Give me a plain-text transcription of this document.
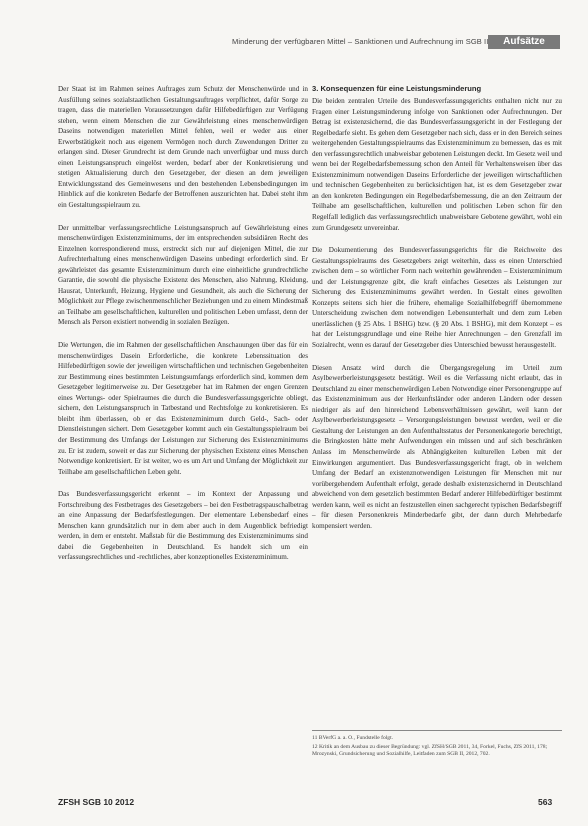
Minderung der verfügbaren Mittel – Sanktionen und Aufrechnung im SGB II	Aufsätze

Der Staat ist im Rahmen seines Auftrages zum Schutz der Menschenwürde und in Ausfüllung seines sozialstaatlichen Gestaltungsauftrages verpflichtet, dafür Sorge zu tragen, dass die materiellen Voraussetzungen dafür Hilfebedürftigen zur Verfügung stehen, wenn einem Menschen die zur Gewährleistung eines menschenwürdigen Daseins notwendigen materiellen Mittel fehlen, weil er weder aus einer Erwerbstätigkeit noch aus eigenem Vermögen noch durch Zuwendungen Dritter zu erlangen sind. Dieser Grundrecht ist dem Grunde nach unverfügbar und muss durch einen Leistungsanspruch eingelöst werden, bedarf aber der Konkretisierung und stetigen Aktualisierung durch den Gesetzgeber, der diesen an dem jeweiligen Entwicklungsstand des Gemeinwesens und den bestehenden Lebensbedingungen im Hinblick auf die konkreten Bedarfe der Betroffenen auszurichten hat. Dabei steht ihm ein Gestaltungsspielraum zu.

Der unmittelbar verfassungsrechtliche Leistungsanspruch auf Gewährleistung eines menschenwürdigen Existenzminimums, der im entsprechenden subsidiären Recht des Einzelnen korrespondierend muss, erstreckt sich nur auf diejenigen Mittel, die zur Aufrechterhaltung eines menschenwürdigen Daseins unbedingt erforderlich sind. Er gewährleistet das gesamte Existenzminimum durch eine einheitliche grundrechtliche Garantie, die sowohl die physische Existenz des Menschen, also Nahrung, Kleidung, Hausrat, Unterkunft, Heizung, Hygiene und Gesundheit, als auch die Sicherung der Möglichkeit zur Pflege zwischenmenschlicher Beziehungen und zu einem Mindestmaß an Teilhabe am gesellschaftlichen, kulturellen und politischen Leben umfasst, denn der Mensch als Person existiert notwendig in sozialen Bezügen.

Die Wertungen, die im Rahmen der gesellschaftlichen Anschauungen über das für ein menschenwürdiges Dasein Erforderliche, die konkrete Lebenssituation des Hilfebedürftigen sowie der jeweiligen wirtschaftlichen und technischen Gegebenheiten zur Bestimmung eines bestimmten Leistungsumfangs erforderlich sind, kommen dem Gesetzgeber legitimerweise zu. Der Gesetzgeber hat im Rahmen der engen Grenzen eines Wertungs- oder Spielraumes die durch die Bundesverfassungsgerichte obliegt, sichern, den Leistungsanspruch in Tatbestand und Rechtsfolge zu konkretisieren. Es bleibt ihm überlassen, ob er das Existenzminimum durch Geld-, Sach- oder Dienstleistungen sichert. Dem Gesetzgeber kommt auch ein Gestaltungsspielraum bei der Bestimmung des Umfangs der Leistungen zur Sicherung des Existenzminimums zu. Er ist zudem, soweit er das zur Sicherung der physischen Existenz eines Menschen Notwendige konkretisiert. Er ist weiter, wo es um Art und Umfang der Möglichkeit zur Teilhabe am gesellschaftlichen Leben geht.

Das Bundesverfassungsgericht erkennt – im Kontext der Anpassung und Fortschreibung des Festbetrages des Gesetzgebers – bei den Festbetragspauschalbetrag an eine Anpassung der Bedarfsfestlegungen. Der elementare Lebensbedarf eines Menschen kann grundsätzlich nur in dem aber auch in dem Augenblick befriedigt werden, in dem er entsteht. Maßstab für die Bestimmung des Existenzminimums sind dabei die Gegebenheiten in Deutschland. Es handelt sich um ein verfassungsrechtliches und -rechtliches, aber konzeptionelles Existenzminimum.

3. Konsequenzen für eine Leistungsminderung

Die beiden zentralen Urteile des Bundesverfassungsgerichts enthalten nicht nur zu Fragen einer Leistungsminderung infolge von Sanktionen oder Aufrechnungen. Der Betrag ist existenzsichernd, die das Bundesverfassungsgericht in der Festlegung der Regelbedarfe sieht. Es gehen dem Gesetzgeber nach sich, dass er in den Bereich seines weitergehenden Gestaltungsspielraums das Existenzminimum zu bemessen, das es mit den verfassungsrechtlich unabweisbar gebotenen Leistungen deckt. Im Gesetz weil und wenn bei der Regelbedarfsbemessung schon den Anteil für Verhaltensweisen über das Existenzminimum notwendigen Daseins Erforderliche der jeweiligen wirtschaftlichen und technischen Gegebenheiten zu berücksichtigen hat, ist es dem Gesetzgeber zwar an den konkreten Bedingungen ein Regelbedarfsbemessung, die an den Zeitraum der Teilhabe am gesellschaftlichen, kulturellen und politischen Leben schon für den Regelfall lediglich das verfassungsrechtlich unabweisbare Gebotene gewährt, wohl ein zum Grundgesetz unvereinbar.

Die Dokumentierung des Bundesverfassungsgerichts für die Reichweite des Gestaltungsspielraums des Gesetzgebers zeigt weiterhin, dass es einen Unterschied zwischen dem – so wörtlicher Form nach weiterhin gewährenden – Existenzminimum und der Leistungsgrenze gibt, die kraft einfaches Gesetzes als Leistungen zur Sicherung des Existenzminimums gewährt werden. In Gestalt eines gewollten Konzepts seitens sich hier die frühere, ehemalige Sozialhilfebegriff übernommene Unterscheidung zwischen dem notwendigen Lebensunterhalt und dem zum Leben unerlässlichen (§ 25 Abs. 1 BSHG) bzw. (§ 20 Abs. 1 BSHG), mit dem Konzept – es hat der Leistungsgrundlage und eine Reihe hier Anrechnungen – den Grenzfall im Sozialrecht, wenn es darauf der Gesetzgeber dies Unterschied bewusst herausgestellt.

Diesen Ansatz wird durch die Übergangsregelung im Urteil zum Asylbewerberleistungsgesetz bestätigt. Weil es die Verfassung nicht erlaubt, das in Deutschland zu einer menschenwürdigen Leben Notwendige einer Personengruppe auf das Existenzminimum aus der Herkunftsländer oder anderen Ländern oder dessen niedriger als auf den hinreichend Lebensverhältnissen gewährt, weil kann der Asylbewerberleistungsgesetz – Versorgungsleistungen bewusst werden, weil er die Gestaltung der Leistungen an den Aufenthaltsstatus der Personenkategorie berechtigt, die Bringkosten hätte mehr Aufwendungen ein müssen und auf sich beschränken Anlass im Menschenwürde als Abhängigkeiten kulturellen Leben mit der Einwirkungen argumentiert. Das Bundesverfassungsgericht fragt, ob in welchem Umfang der Bedarf an existenznotwendigen Leistungen für Menschen mit nur vorübergehendem Aufenthalt erfolgt, gerade deshalb existenzsichernd in Deutschland abweichend von dem gesetzlich bestimmten Bedarf anderer Hilfebedürftiger bestimmt werden kann, weil es nicht an festzustellen einen sachgerecht typischen Bedarfsbegriff – für diesen Personenkreis Minderbedarfe gibt, der dann durch Mehrbedarfe kompensiert werden.

11 BVerfG a. a. O., Fundstelle folgt.
12 Kritik an dem Ausbau zu dieser Begründung: vgl. ZfSH/SGB 2011, 34, Forkel, Fuchs, ZfS 2011, 178; Mrozynski, Grundsicherung und Sozialhilfe, Leitfaden zum SGB II, 2012, 702.
ZFSH SGB 10 2012	563
